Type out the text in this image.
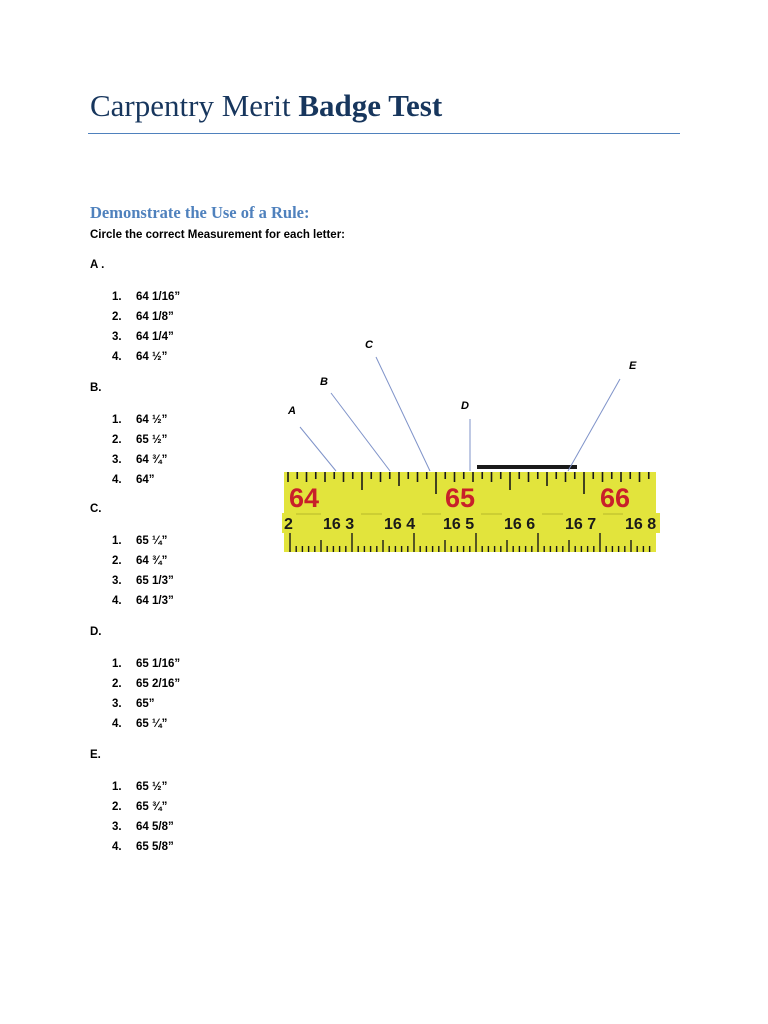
Carpentry Merit Badge Test
Demonstrate the Use of a Rule:
Circle the correct Measurement for each letter:
A .
1. 64 1/16”
2. 64 1/8”
3. 64 1/4”
4. 64 ½”
B.
1. 64 ½”
2. 65 ½”
3. 64 ¾”
4. 64”
C.
1. 65 ¼”
2. 64 ¾”
3. 65 1/3”
4. 64 1/3”
D.
1. 65 1/16”
2. 65 2/16”
3. 65”
4. 65 ¼”
E.
1. 65 ½”
2. 65 ¾”
3. 64 5/8”
4. 65 5/8”
64	65	66
2 16 3 16 4 16 5 16 6 16 7 16 8
A
B
C
D
E
